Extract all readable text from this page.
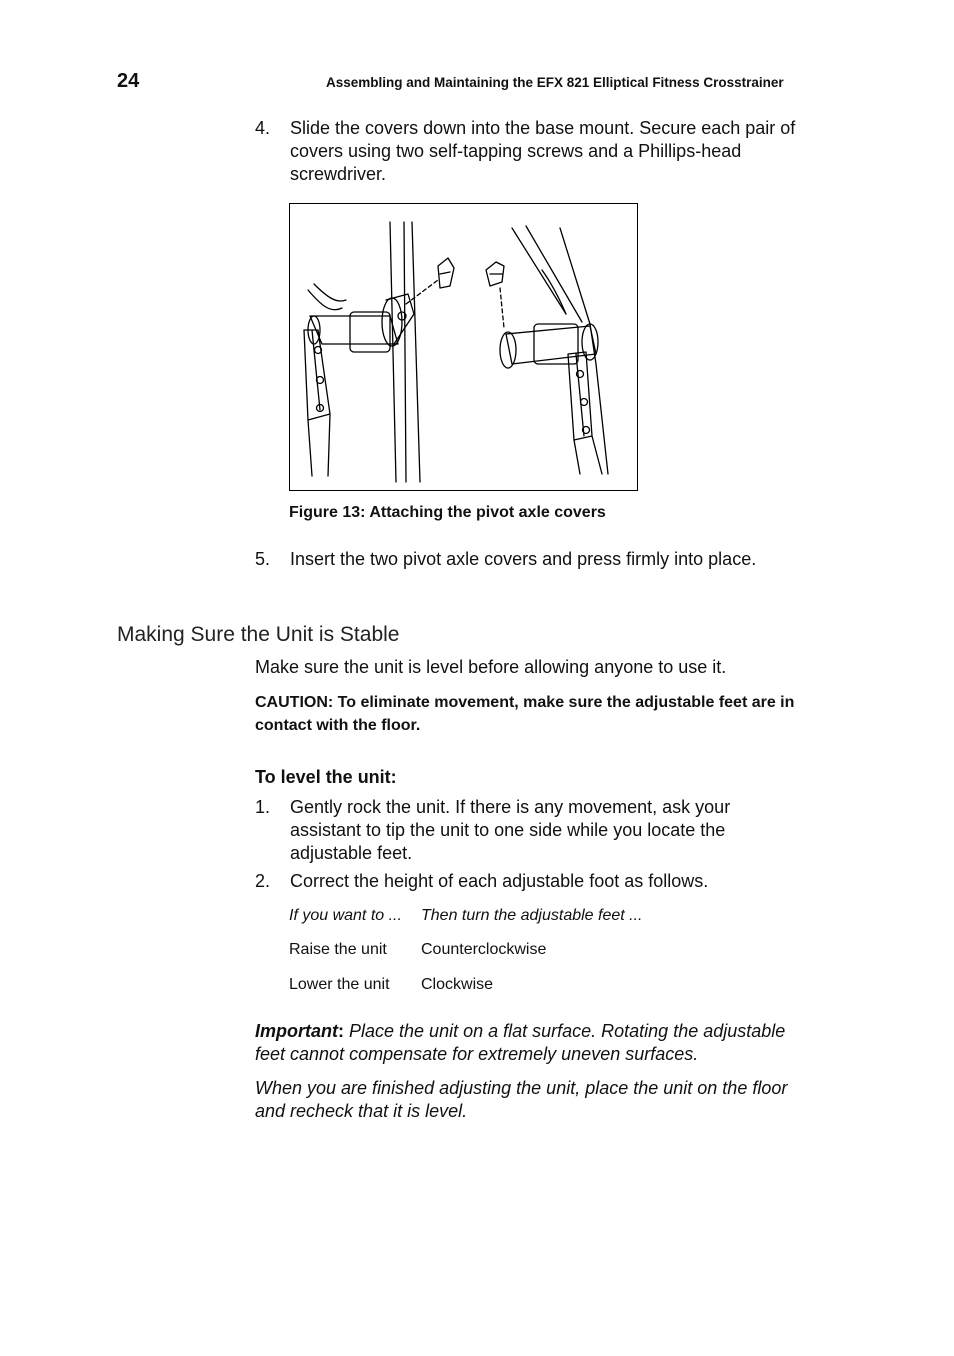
24	Assembling and Maintaining the EFX 821 Elliptical Fitness Crosstrainer
4. Slide the covers down into the base mount. Secure each pair of covers using two self-tapping screws and a Phillips-head screwdriver.
Figure 13: Attaching the pivot axle covers
5. Insert the two pivot axle covers and press firmly into place.
Making Sure the Unit is Stable
Make sure the unit is level before allowing anyone to use it.
CAUTION: To eliminate movement, make sure the adjustable feet are in contact with the floor.
To level the unit:
1. Gently rock the unit. If there is any movement, ask your assistant to tip the unit to one side while you locate the adjustable feet.
2. Correct the height of each adjustable foot as follows.
If you want to ... Then turn the adjustable feet ...
Raise the unit Counterclockwise
Lower the unit Clockwise
Important: Place the unit on a flat surface. Rotating the adjustable feet cannot compensate for extremely uneven surfaces.
When you are finished adjusting the unit, place the unit on the floor and recheck that it is level.
